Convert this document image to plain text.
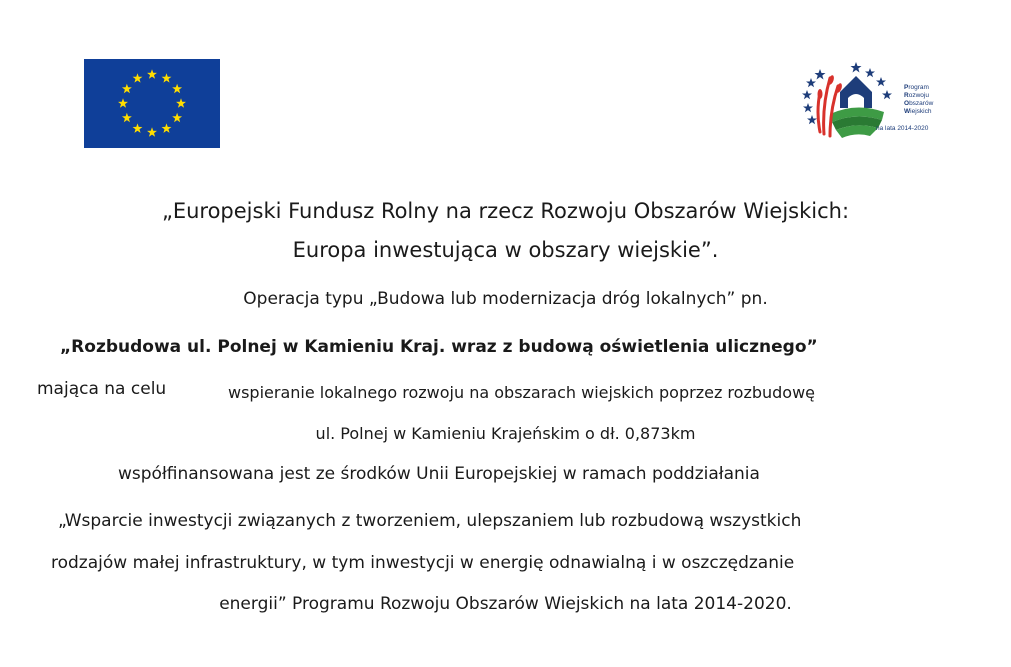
Program
Rozwoju
Obszarów
Wiejskich
na lata 2014-2020
„Europejski Fundusz Rolny na rzecz Rozwoju Obszarów Wiejskich:
Europa inwestująca w obszary wiejskie”.
Operacja typu „Budowa lub modernizacja dróg lokalnych” pn.
„Rozbudowa ul. Polnej w Kamieniu Kraj. wraz z budową oświetlenia ulicznego”
mająca na celu	wspieranie lokalnego rozwoju na obszarach wiejskich poprzez rozbudowę
ul. Polnej w Kamieniu Krajeńskim o dł. 0,873km
współfinansowana jest ze środków Unii Europejskiej w ramach poddziałania
„Wsparcie inwestycji związanych z tworzeniem, ulepszaniem lub rozbudową wszystkich
rodzajów małej infrastruktury, w tym inwestycji w energię odnawialną i w oszczędzanie
energii” Programu Rozwoju Obszarów Wiejskich na lata 2014-2020.
